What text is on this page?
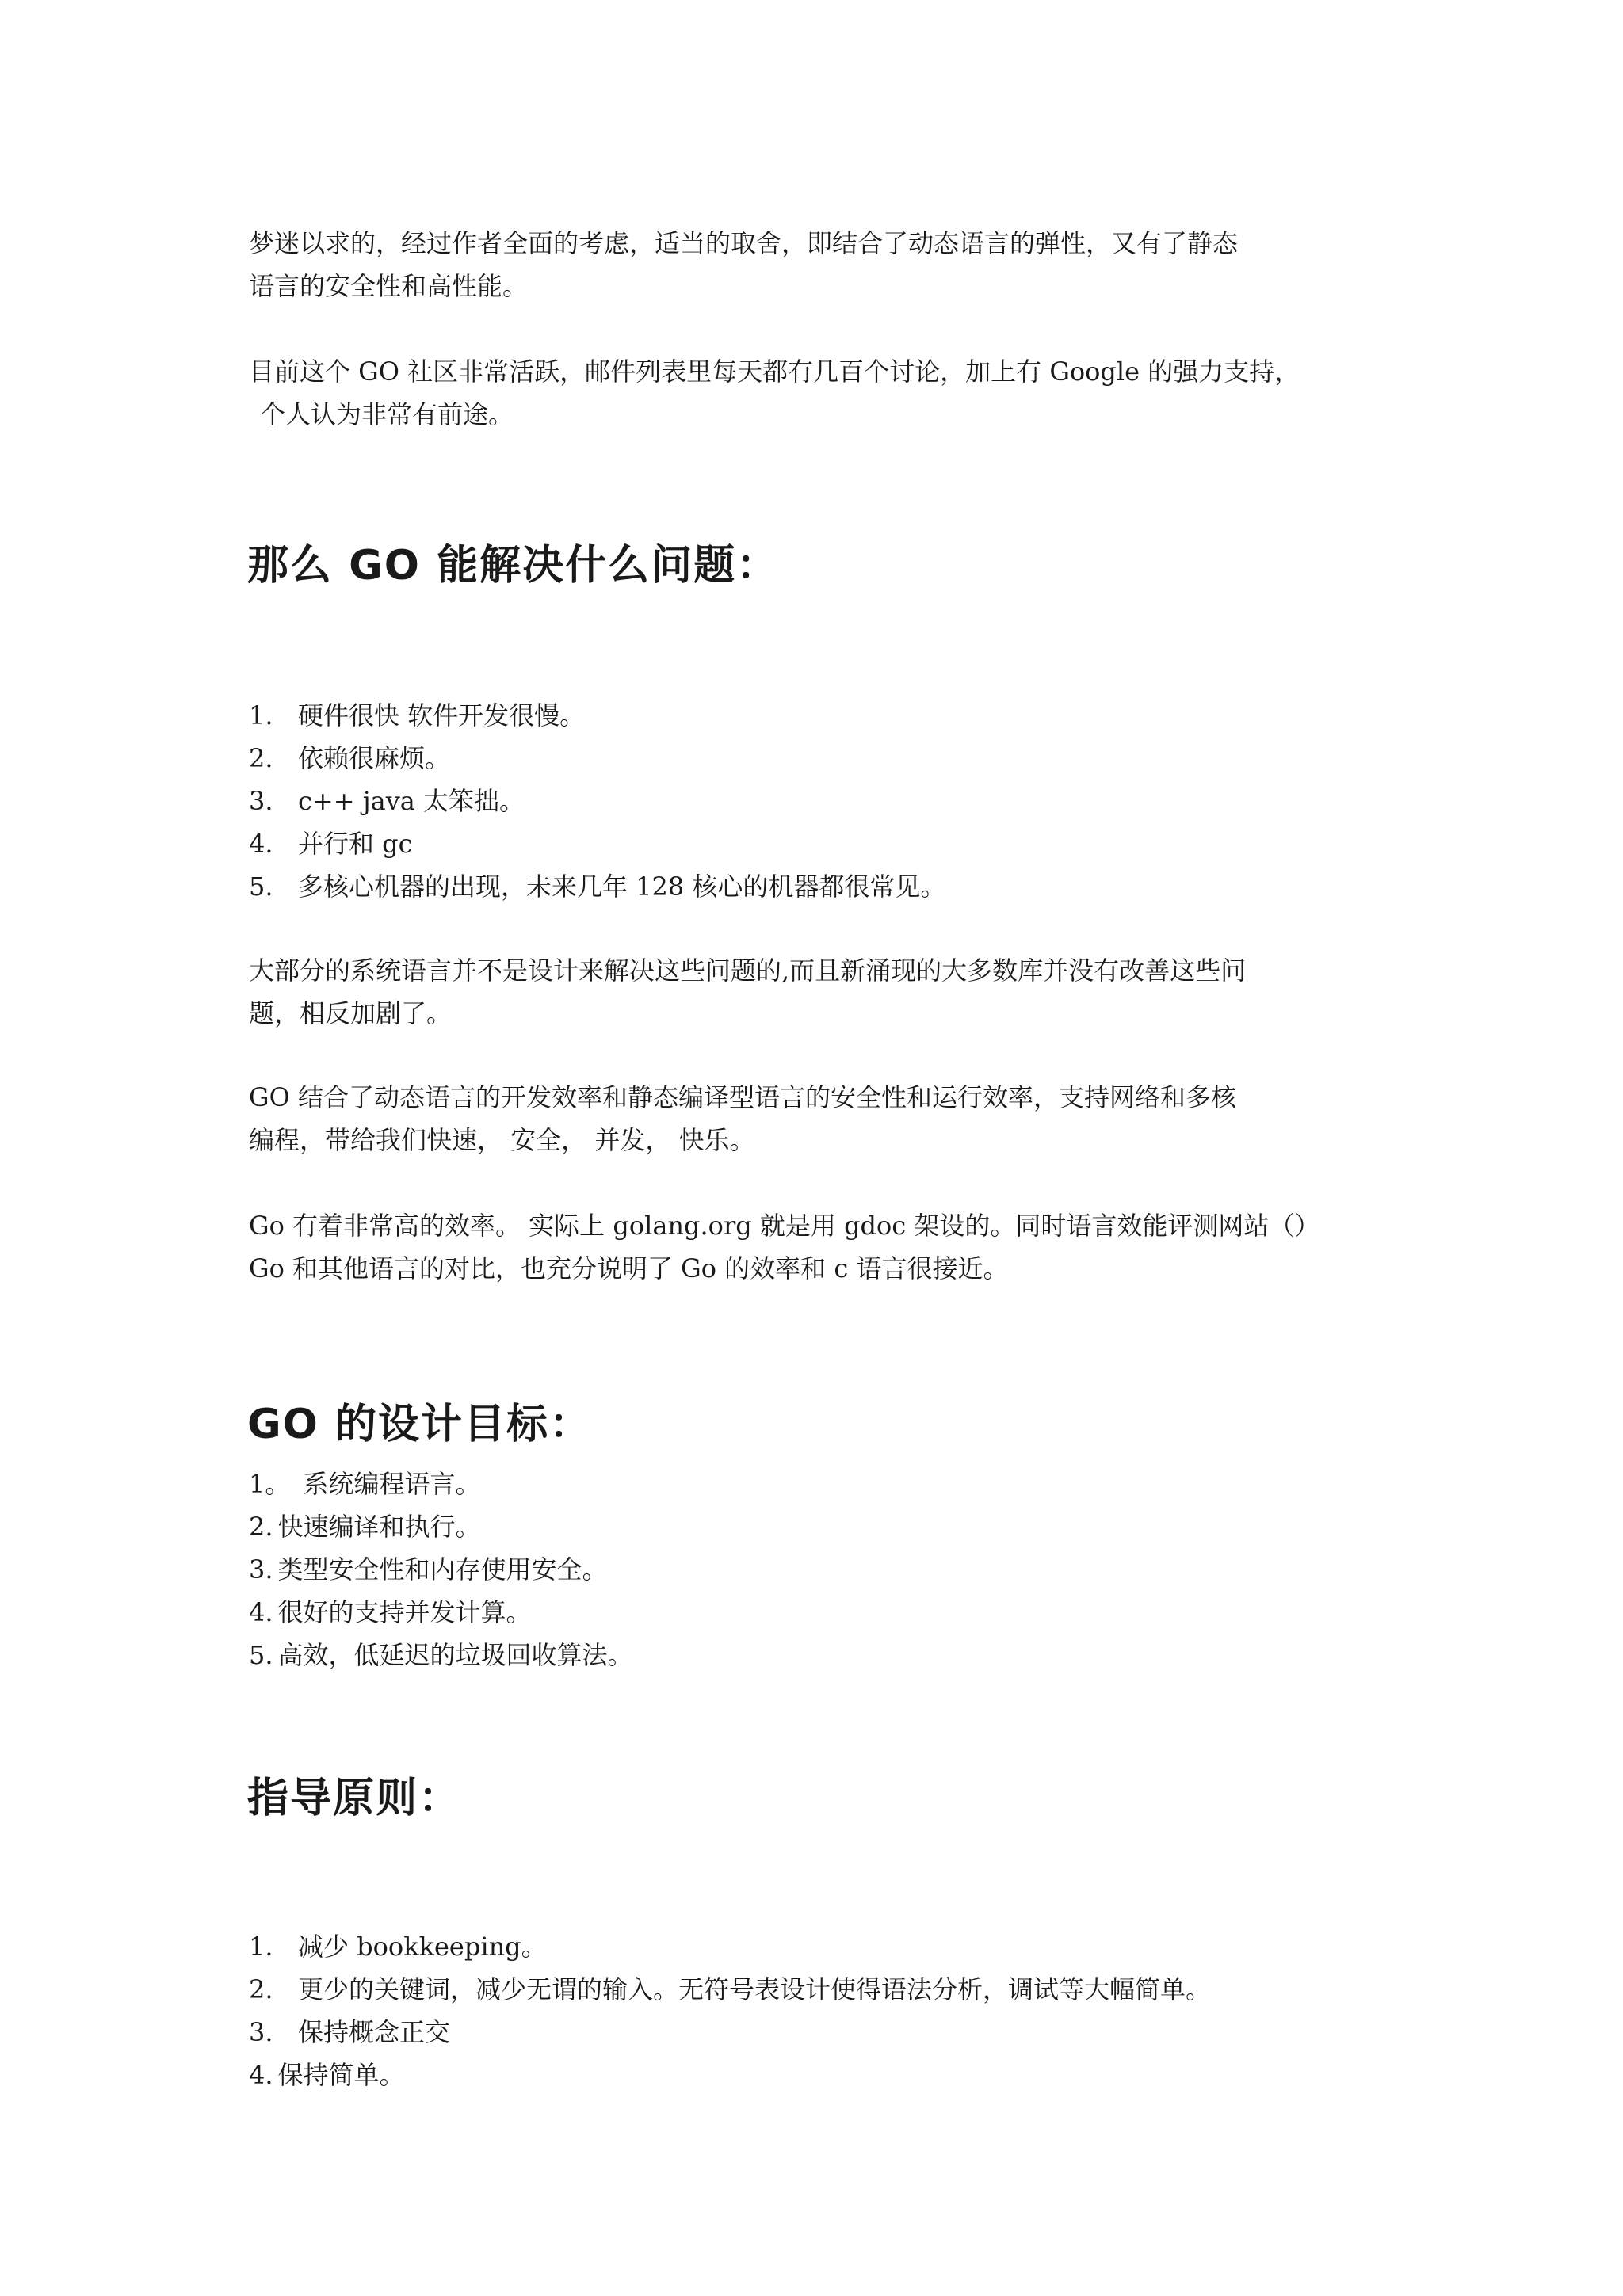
梦迷以求的，经过作者全面的考虑，适当的取舍，即结合了动态语言的弹性，又有了静态
语言的安全性和高性能。
目前这个 GO 社区非常活跃，邮件列表里每天都有几百个讨论，加上有 Google 的强力支持，
个人认为非常有前途。
那么 GO 能解决什么问题：
1. 硬件很快 软件开发很慢。
2. 依赖很麻烦。
3. c++ java 太笨拙。
4. 并行和 gc
5. 多核心机器的出现，未来几年 128 核心的机器都很常见。
大部分的系统语言并不是设计来解决这些问题的,而且新涌现的大多数库并没有改善这些问
题，相反加剧了。
GO 结合了动态语言的开发效率和静态编译型语言的安全性和运行效率，支持网络和多核
编程，带给我们快速， 安全， 并发， 快乐。
Go 有着非常高的效率。 实际上 golang.org 就是用 gdoc 架设的。同时语言效能评测网站（）
Go 和其他语言的对比，也充分说明了 Go 的效率和 c 语言很接近。
GO 的设计目标：
1。 系统编程语言。
2. 快速编译和执行。
3. 类型安全性和内存使用安全。
4. 很好的支持并发计算。
5. 高效，低延迟的垃圾回收算法。
指导原则：
1. 减少 bookkeeping。
2. 更少的关键词，减少无谓的输入。无符号表设计使得语法分析，调试等大幅简单。
3. 保持概念正交
4. 保持简单。
